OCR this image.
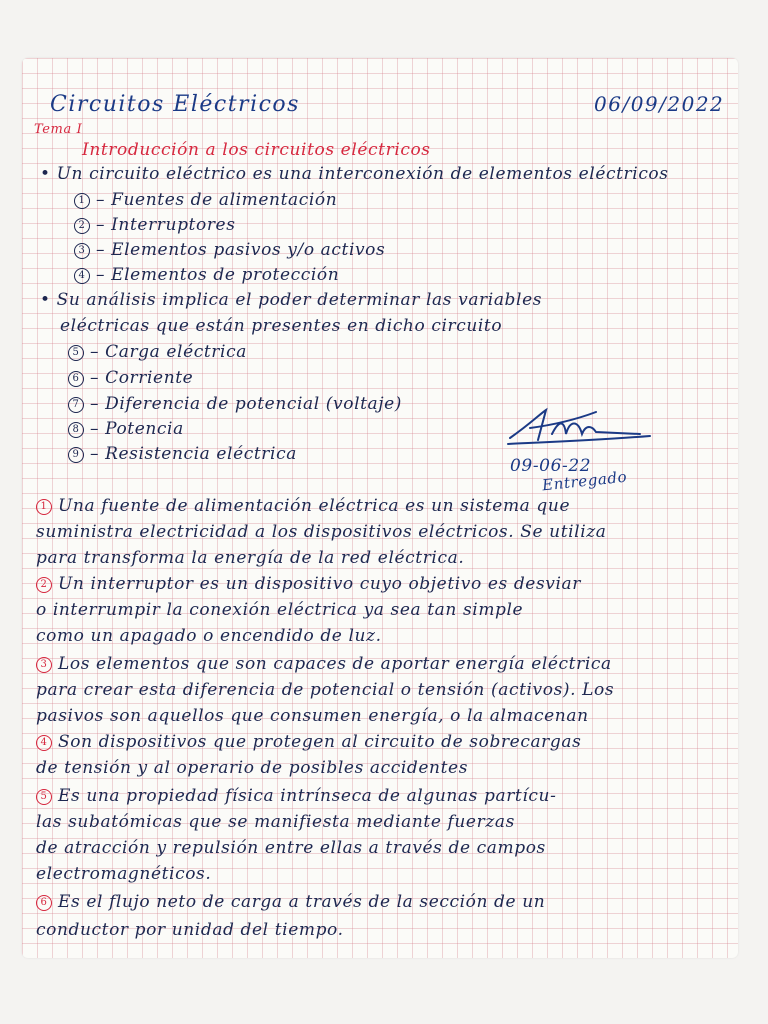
Circuitos Eléctricos	06/09/2022
Tema I
Introducción a los circuitos eléctricos
• Un circuito eléctrico es una interconexión de elementos eléctricos
1 – Fuentes de alimentación
2 – Interruptores
3 – Elementos pasivos y/o activos
4 – Elementos de protección
• Su análisis implica el poder determinar las variables
eléctricas que están presentes en dicho circuito
5 – Carga eléctrica
6 – Corriente
7 – Diferencia de potencial (voltaje)
8 – Potencia
9 – Resistencia eléctrica
09-06-22
Entregado
1 Una fuente de alimentación eléctrica es un sistema que
suministra electricidad a los dispositivos eléctricos. Se utiliza
para transforma la energía de la red eléctrica.
2 Un interruptor es un dispositivo cuyo objetivo es desviar
o interrumpir la conexión eléctrica ya sea tan simple
como un apagado o encendido de luz.
3 Los elementos que son capaces de aportar energía eléctrica
para crear esta diferencia de potencial o tensión (activos). Los
pasivos son aquellos que consumen energía, o la almacenan
4 Son dispositivos que protegen al circuito de sobrecargas
de tensión y al operario de posibles accidentes
5 Es una propiedad física intrínseca de algunas partícu-
las subatómicas que se manifiesta mediante fuerzas
de atracción y repulsión entre ellas a través de campos
electromagnéticos.
6 Es el flujo neto de carga a través de la sección de un
conductor por unidad del tiempo.
